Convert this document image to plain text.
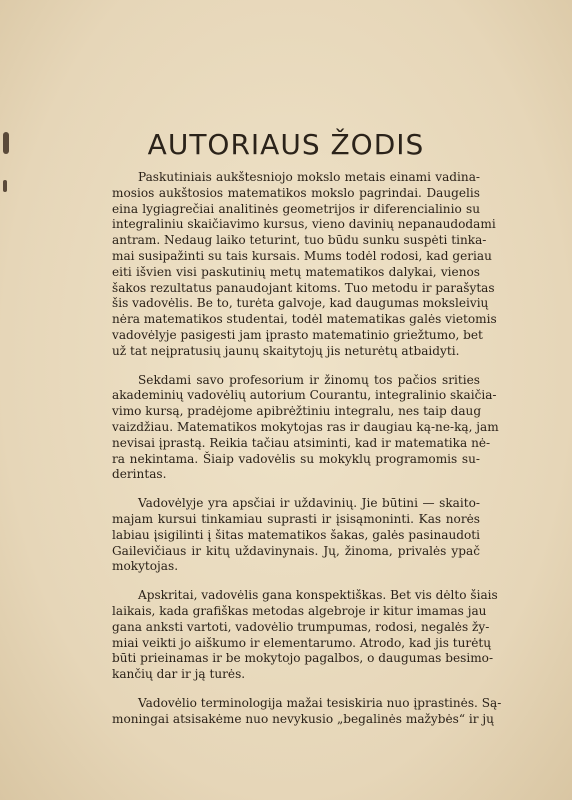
AUTORIAUS ŽODIS
Paskutiniais aukštesniojo mokslo metais einami vadina-
mosios aukštosios matematikos mokslo pagrindai. Daugelis
eina lygiagrečiai analitinės geometrijos ir diferencialinio su
integraliniu skaičiavimo kursus, vieno davinių nepanaudodami
antram. Nedaug laiko teturint, tuo būdu sunku suspėti tinka-
mai susipažinti su tais kursais. Mums todėl rodosi, kad geriau
eiti išvien visi paskutinių metų matematikos dalykai, vienos
šakos rezultatus panaudojant kitoms. Tuo metodu ir parašytas
šis vadovėlis. Be to, turėta galvoje, kad daugumas moksleivių
nėra matematikos studentai, todėl matematikas galės vietomis
vadovėlyje pasigesti jam įprasto matematinio griežtumo, bet
už tat neįpratusių jaunų skaitytojų jis neturėtų atbaidyti.
Sekdami savo profesorium ir žinomų tos pačios srities
akademinių vadovėlių autorium Courantu, integralinio skaičia-
vimo kursą, pradėjome apibrėžtiniu integralu, nes taip daug
vaizdžiau. Matematikos mokytojas ras ir daugiau ką-ne-ką, jam
nevisai įprastą. Reikia tačiau atsiminti, kad ir matematika nė-
ra nekintama. Šiaip vadovėlis su mokyklų programomis su-
derintas.
Vadovėlyje yra apsčiai ir uždavinių. Jie būtini — skaito-
majam kursui tinkamiau suprasti ir įsisąmoninti. Kas norės
labiau įsigilinti į šitas matematikos šakas, galės pasinaudoti
Gailevičiaus ir kitų uždavinynais. Jų, žinoma, privalės ypač
mokytojas.
Apskritai, vadovėlis gana konspektiškas. Bet vis dėlto šiais
laikais, kada grafiškas metodas algebroje ir kitur imamas jau
gana anksti vartoti, vadovėlio trumpumas, rodosi, negalės žy-
miai veikti jo aiškumo ir elementarumo. Atrodo, kad jis turėtų
būti prieinamas ir be mokytojo pagalbos, o daugumas besimo-
kančių dar ir ją turės.
Vadovėlio terminologija mažai tesiskiria nuo įprastinės. Są-
moningai atsisakėme nuo nevykusio „begalinės mažybės“ ir jų
